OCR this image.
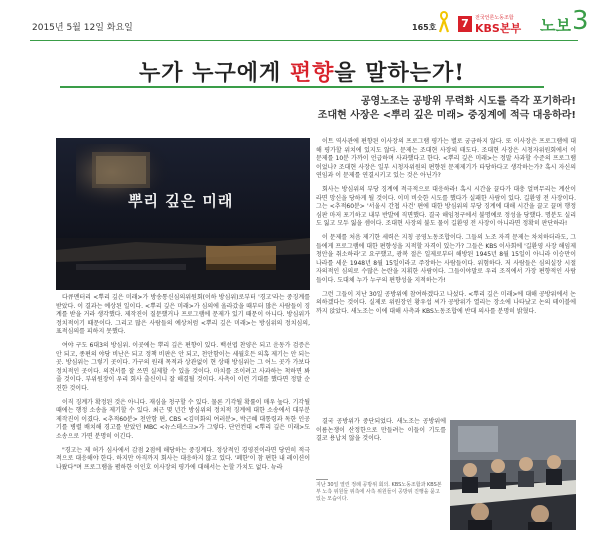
2015년 5월 12일 화요일	165호 7	전국언론노동조합
KBS본부 노보 3
누가 누구에게 편향을 말하는가!
공영노조는 공방위 무력화 시도를 즉각 포기하라!
조대현 사장은 <뿌리 깊은 미래> 중징계에 적극 대응하라!
뿌리 깊은 미래

다큐멘터리 <뿌리 깊은 미래>가 방송통신심의위원회(이하 방심위)로부터 '경고'라는 중징계를 받았다. 이 결과는 예상된 일이다. <뿌리 깊은 미래>가 심의에 올라갔을 때부터 많은 사람들이 징계를 받을 거라 생각했다. 제작진이 질문했거나 프로그램에 문제가 있기 때문이 아니다. 방심위가 정치적이기 때문이다. 그리고 많은 사람들의 예상처럼 <뿌리 깊은 미래>는 방심위의 정치심의, 표적심의를 피하지 못했다.

여야 구도 6대3의 방심위. 이곳에는 뿌리 깊은 편향이 있다. 백선엽 찬양은 되고 운동가 검증은 안 되고, 종편의 야당 비난은 되고 정책 비판은 안 되고, 천안함이는 세월호든 의혹 제기는 안 되는 곳. 방심위는 그렇기 곳이다. 가구의 원래 목적과 상관없이 현 상태 방심위는 그 어느 곳가 가보다 정치적인 곳이다. 의견서를 잘 쓰면 실제할 수 있을 것이다. 마치를 조이려고 사과하는 척하면 봐줄 것이다. 부위원장이 우리 회사 출신이니 잘 해결될 것이다. 사측이 이런 기대를 했다면 정말 순진한 것이다.

이직 징계가 확정된 것은 아니다. 재심을 청구할 수 있다. 물론 기각될 확률이 매우 높다. 기각될 때에는 행정 소송을 제기할 수 있다. 최근 몇 년간 방심위의 정치적 징계에 대한 소송에서 대부분 제작진이 이겼다. <추적60분> 천안함 편, CBS <김미화의 여러분>, 박근혜 대통령과 독한 인공기를 병렬 배치해 경고를 받았던 MBC <뉴스데스크>가 그렇다. 단언컨대 <뿌리 깊은 미래>도 소송으로 가면 분명히 이긴다.

"경고는 제 허가 심사에서 감점 2점에 해당하는 중징계다. 정상적인 경영진이라면 당연히 적극적으로 대응해야 한다. 하지만 아직까지 회사는 대응하지 않고 있다. '폐한'이 참 편한 내 레이션이 나왔다"며 프로그램을 폄하한 이인호 이사장의 평가에 대해서는 논할 가치도 없다. 뉴라

이트 역사관에 편향된 이사장의 프로그램 평가는 별로 궁금하지 않다. 또 이사장은 프로그램에 대해 평가할 위치에 있지도 않다. 문제는 조대현 사장의 태도다. 조대현 사장은 시청자위원회에서 이 문제를 10분 가까이 언급하며 사과했다고 한다. <뿌리 깊은 미래>는 정말 사과할 수준의 프로그램이었나? 조대현 사장은 일부 시청자위원의 편향된 문제제기가 타당하다고 생각하는가? 혹시 자신의 연임과 이 문제를 연결시키고 있는 것은 아닌가?

회사는 방심위의 부당 징계에 적극적으로 대응하라! 혹시 시간을 끌다가 대충 얼버무리는 계산이라면 망신을 당하게 될 것이다. 이미 비슷한 시도를 했다가 실패한 사람이 있다. 길환영 전 사장이다. 그는 <추적60분> '서울시 간첩 사건' 편에 대한 방심위의 부당 징계에 대해 시간을 끌고 끌며 행정심판 마저 포기하고 내부 반발에 직면했다. 결국 해임청구에서 불명예로 정성을 당했다. 명분도 실리도 잃고 모두 잃을 셈이다. 조대현 사장의 불도 물이 길환영 전 사장이 아니라면 정확히 판단하라!

이 문제를 처음 제기한 세력은 지칭 공영노동조합이다. 그들의 노조 자격 문제는 차치하더라도, 그들에게 프로그램에 대한 편향성을 지적할 자격이 있는가? 그들은 KBS 이사회에 '길환영 사장 해임제청안을 취소하라'고 요구했고, 광복 절은 일제로부터 해방된 1945년 8월 15일이 아니라 이승만이 나라를 세운 1948년 8월 15일이라고 주장하는 사람들이다. 위험하다. 저 사람들은 심의실장 시절 자의적인 심의로 수많은 논란을 지휘한 사람이다. 그들이야말로 우리 조직에서 가장 편향적인 사람들이다. 도대체 누가 누구의 편향성을 지적하는가!

그런 그들이 지난 30일 공방위에 참여하겠다고 나섰다. <뿌리 깊은 미래>에 대해 공방위에서 논의하겠다는 것이다. 실제로 위원장인 황우섭 씨가 공방위가 열리는 장소에 나타났고 논의 테이블에까지 앉았다. 새노조는 이에 대해 사측과 KBS노동조합에 반대 의사를 분명히 밝혔다.

결국 공방위가 중단되었다. 새노조는 공방위에 이름논쟁이 산정한으로 만들려는 이들이 기도를 결코 용납치 않을 것이다.

지난 30일 열린 정례 공방위 회의. KBS노동조합과 KBS본부 노측 위원들 위측에 사측 위원들이 공방위 진행을 묻고 있는 모습이다.
